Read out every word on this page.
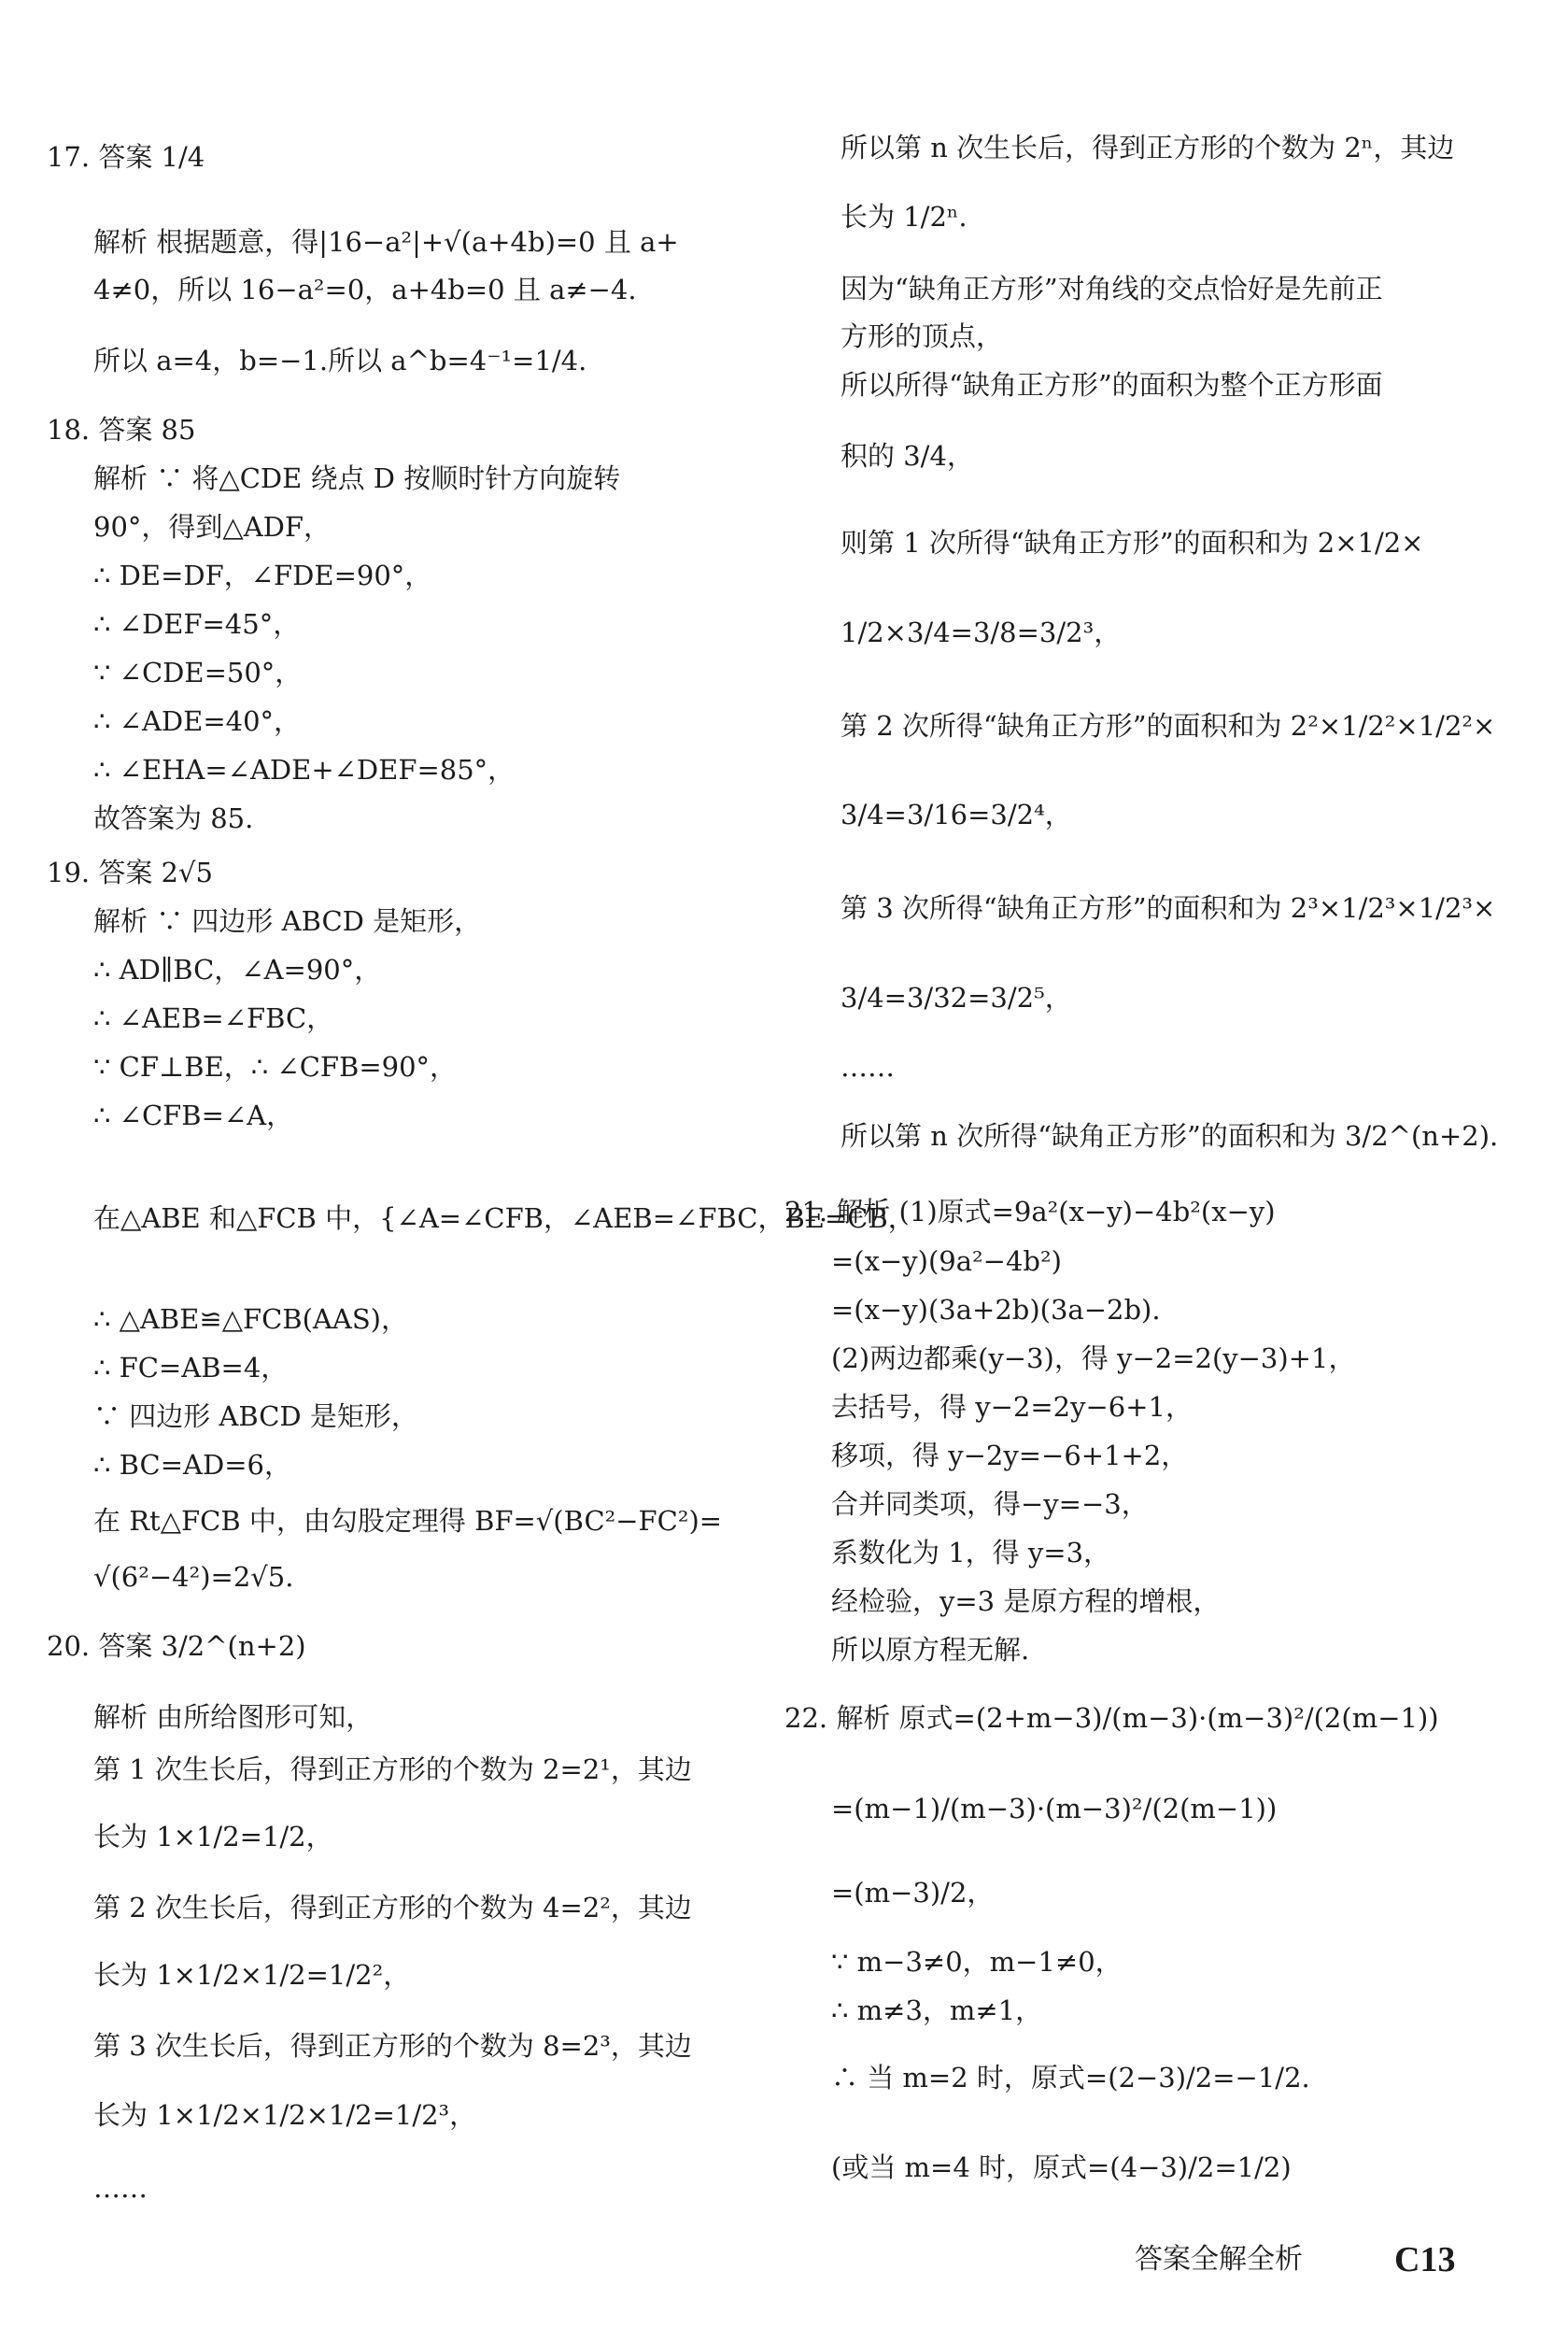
17. 答案 1/4
解析 根据题意，得|16−a²|+√(a+4b)=0 且 a+
4≠0，所以 16−a²=0，a+4b=0 且 a≠−4.
所以 a=4，b=−1.所以 a^b=4⁻¹=1/4.
18. 答案 85
解析 ∵ 将△CDE 绕点 D 按顺时针方向旋转
90°，得到△ADF，
∴ DE=DF，∠FDE=90°，
∴ ∠DEF=45°，
∵ ∠CDE=50°，
∴ ∠ADE=40°，
∴ ∠EHA=∠ADE+∠DEF=85°，
故答案为 85.
19. 答案 2√5
解析 ∵ 四边形 ABCD 是矩形，
∴ AD∥BC，∠A=90°，
∴ ∠AEB=∠FBC，
∵ CF⊥BE，∴ ∠CFB=90°，
∴ ∠CFB=∠A，
在△ABE 和△FCB 中，{∠A=∠CFB，∠AEB=∠FBC，BE=CB，
∴ △ABE≌△FCB(AAS)，
∴ FC=AB=4，
∵ 四边形 ABCD 是矩形，
∴ BC=AD=6，
在 Rt△FCB 中，由勾股定理得 BF=√(BC²−FC²)=
√(6²−4²)=2√5.
20. 答案 3/2^(n+2)
解析 由所给图形可知，
第 1 次生长后，得到正方形的个数为 2=2¹，其边
长为 1×1/2=1/2，
第 2 次生长后，得到正方形的个数为 4=2²，其边
长为 1×1/2×1/2=1/2²，
第 3 次生长后，得到正方形的个数为 8=2³，其边
长为 1×1/2×1/2×1/2=1/2³，
……
所以第 n 次生长后，得到正方形的个数为 2ⁿ，其边
长为 1/2ⁿ.
因为“缺角正方形”对角线的交点恰好是先前正
方形的顶点，
所以所得“缺角正方形”的面积为整个正方形面
积的 3/4，
则第 1 次所得“缺角正方形”的面积和为 2×1/2×
1/2×3/4=3/8=3/2³，
第 2 次所得“缺角正方形”的面积和为 2²×1/2²×1/2²×
3/4=3/16=3/2⁴，
第 3 次所得“缺角正方形”的面积和为 2³×1/2³×1/2³×
3/4=3/32=3/2⁵，
……
所以第 n 次所得“缺角正方形”的面积和为 3/2^(n+2).
21. 解析 (1)原式=9a²(x−y)−4b²(x−y)
=(x−y)(9a²−4b²)
=(x−y)(3a+2b)(3a−2b).
(2)两边都乘(y−3)，得 y−2=2(y−3)+1，
去括号，得 y−2=2y−6+1，
移项，得 y−2y=−6+1+2，
合并同类项，得−y=−3，
系数化为 1，得 y=3，
经检验，y=3 是原方程的增根，
所以原方程无解.
22. 解析 原式=(2+m−3)/(m−3)·(m−3)²/(2(m−1))
=(m−1)/(m−3)·(m−3)²/(2(m−1))
=(m−3)/2，
∵ m−3≠0，m−1≠0，
∴ m≠3，m≠1，
∴ 当 m=2 时，原式=(2−3)/2=−1/2.
(或当 m=4 时，原式=(4−3)/2=1/2)
答案全解全析	C13
